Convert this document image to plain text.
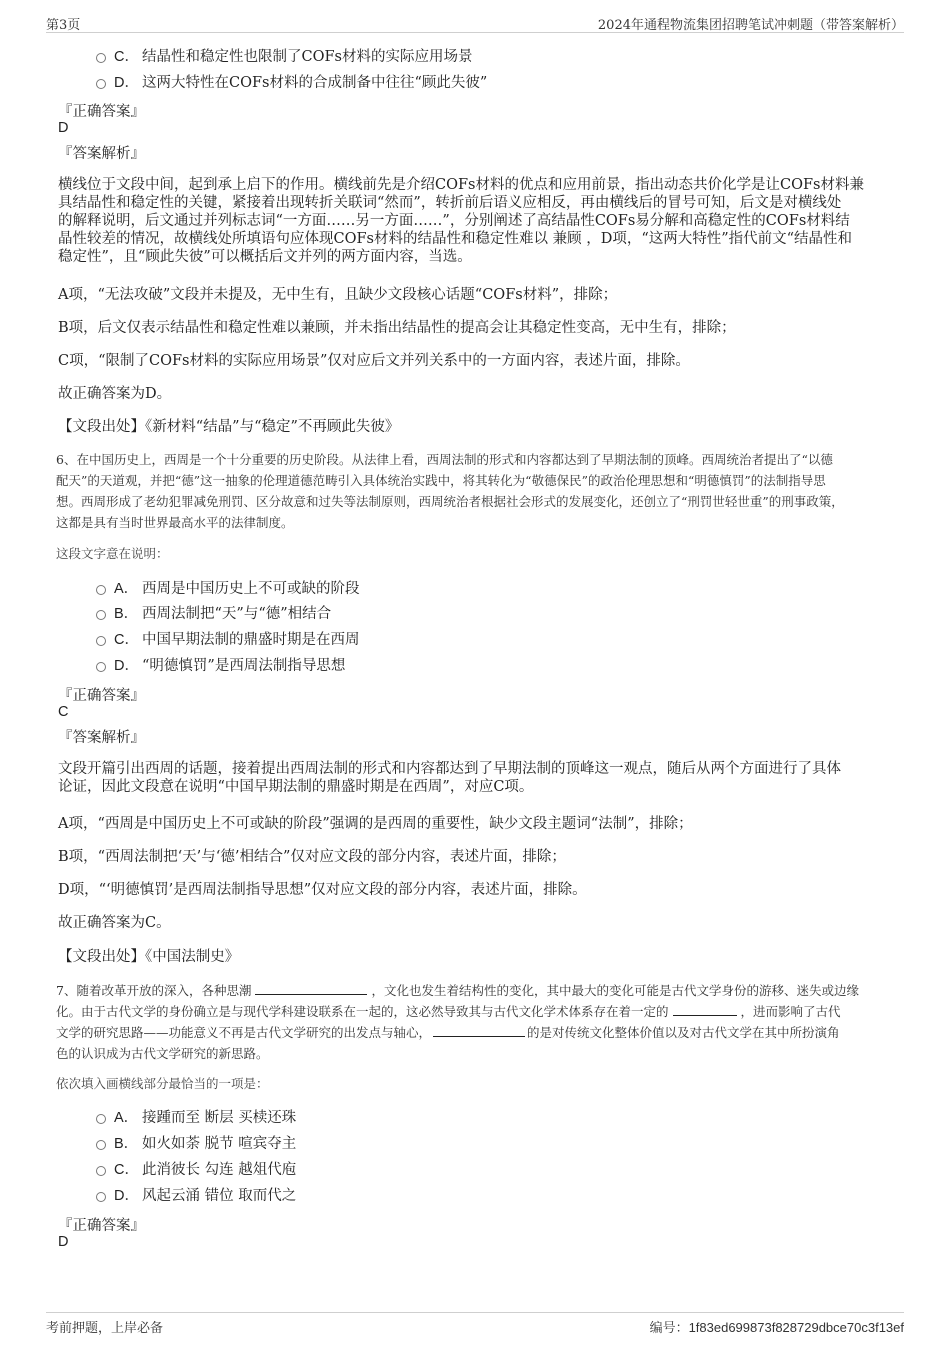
第3页	2024年通程物流集团招聘笔试冲刺题（带答案解析）
C． 结晶性和稳定性也限制了COFs材料的实际应用场景
D． 这两大特性在COFs材料的合成制备中往往“顾此失彼”
『正确答案』
D
『答案解析』

横线位于文段中间，起到承上启下的作用。横线前先是介绍COFs材料的优点和应用前景，指出动态共价化学是让COFs材料兼

具结晶性和稳定性的关键，紧接着出现转折关联词“然而”，转折前后语义应相反，再由横线后的冒号可知，后文是对横线处

的解释说明，后文通过并列标志词“一方面……另一方面……”，分别阐述了高结晶性COFs易分解和高稳定性的COFs材料结

晶性较差的情况，故横线处所填语句应体现COFs材料的结晶性和稳定性难以 兼顾 ，D项，“这两大特性”指代前文“结晶性和

稳定性”，且“顾此失彼”可以概括后文并列的两方面内容，当选。

A项，“无法攻破”文段并未提及，无中生有，且缺少文段核心话题“COFs材料”，排除；
B项，后文仅表示结晶性和稳定性难以兼顾，并未指出结晶性的提高会让其稳定性变高，无中生有，排除；
C项，“限制了COFs材料的实际应用场景”仅对应后文并列关系中的一方面内容，表述片面，排除。
故正确答案为D。
【文段出处】《新材料“结晶”与“稳定”不再顾此失彼》

6、在中国历史上，西周是一个十分重要的历史阶段。从法律上看，西周法制的形式和内容都达到了早期法制的顶峰。西周统治者提出了“以德

配天”的天道观，并把“德”这一抽象的伦理道德范畴引入具体统治实践中，将其转化为“敬德保民”的政治伦理思想和“明德慎罚”的法制指导思

想。西周形成了老幼犯罪减免刑罚、区分故意和过失等法制原则，西周统治者根据社会形式的发展变化，还创立了“刑罚世轻世重”的刑事政策，

这都是具有当时世界最高水平的法律制度。

这段文字意在说明：
A． 西周是中国历史上不可或缺的阶段
B． 西周法制把“天”与“德”相结合
C． 中国早期法制的鼎盛时期是在西周
D． “明德慎罚”是西周法制指导思想
『正确答案』
C
『答案解析』

文段开篇引出西周的话题，接着提出西周法制的形式和内容都达到了早期法制的顶峰这一观点，随后从两个方面进行了具体

论证，因此文段意在说明“中国早期法制的鼎盛时期是在西周”，对应C项。

A项，“西周是中国历史上不可或缺的阶段”强调的是西周的重要性，缺少文段主题词“法制”，排除；
B项，“西周法制把‘天’与‘德’相结合”仅对应文段的部分内容，表述片面，排除；
D项，“‘明德慎罚’是西周法制指导思想”仅对应文段的部分内容，表述片面，排除。
故正确答案为C。
【文段出处】《中国法制史》

7、随着改革开放的深入，各种思潮	，文化也发生着结构性的变化，其中最大的变化可能是古代文学身份的游移、迷失或边缘

化。由于古代文学的身份确立是与现代学科建设联系在一起的，这必然导致其与古代文化学术体系存在着一定的	，进而影响了古代

文学的研究思路——功能意义不再是古代文学研究的出发点与轴心，	的是对传统文化整体价值以及对古代文学在其中所扮演角

色的认识成为古代文学研究的新思路。

依次填入画横线部分最恰当的一项是：
A． 接踵而至 断层 买椟还珠
B． 如火如荼 脱节 喧宾夺主
C． 此消彼长 勾连 越俎代庖
D． 风起云涌 错位 取而代之
『正确答案』
D
考前押题，上岸必备	编号：1f83ed699873f828729dbce70c3f13ef
